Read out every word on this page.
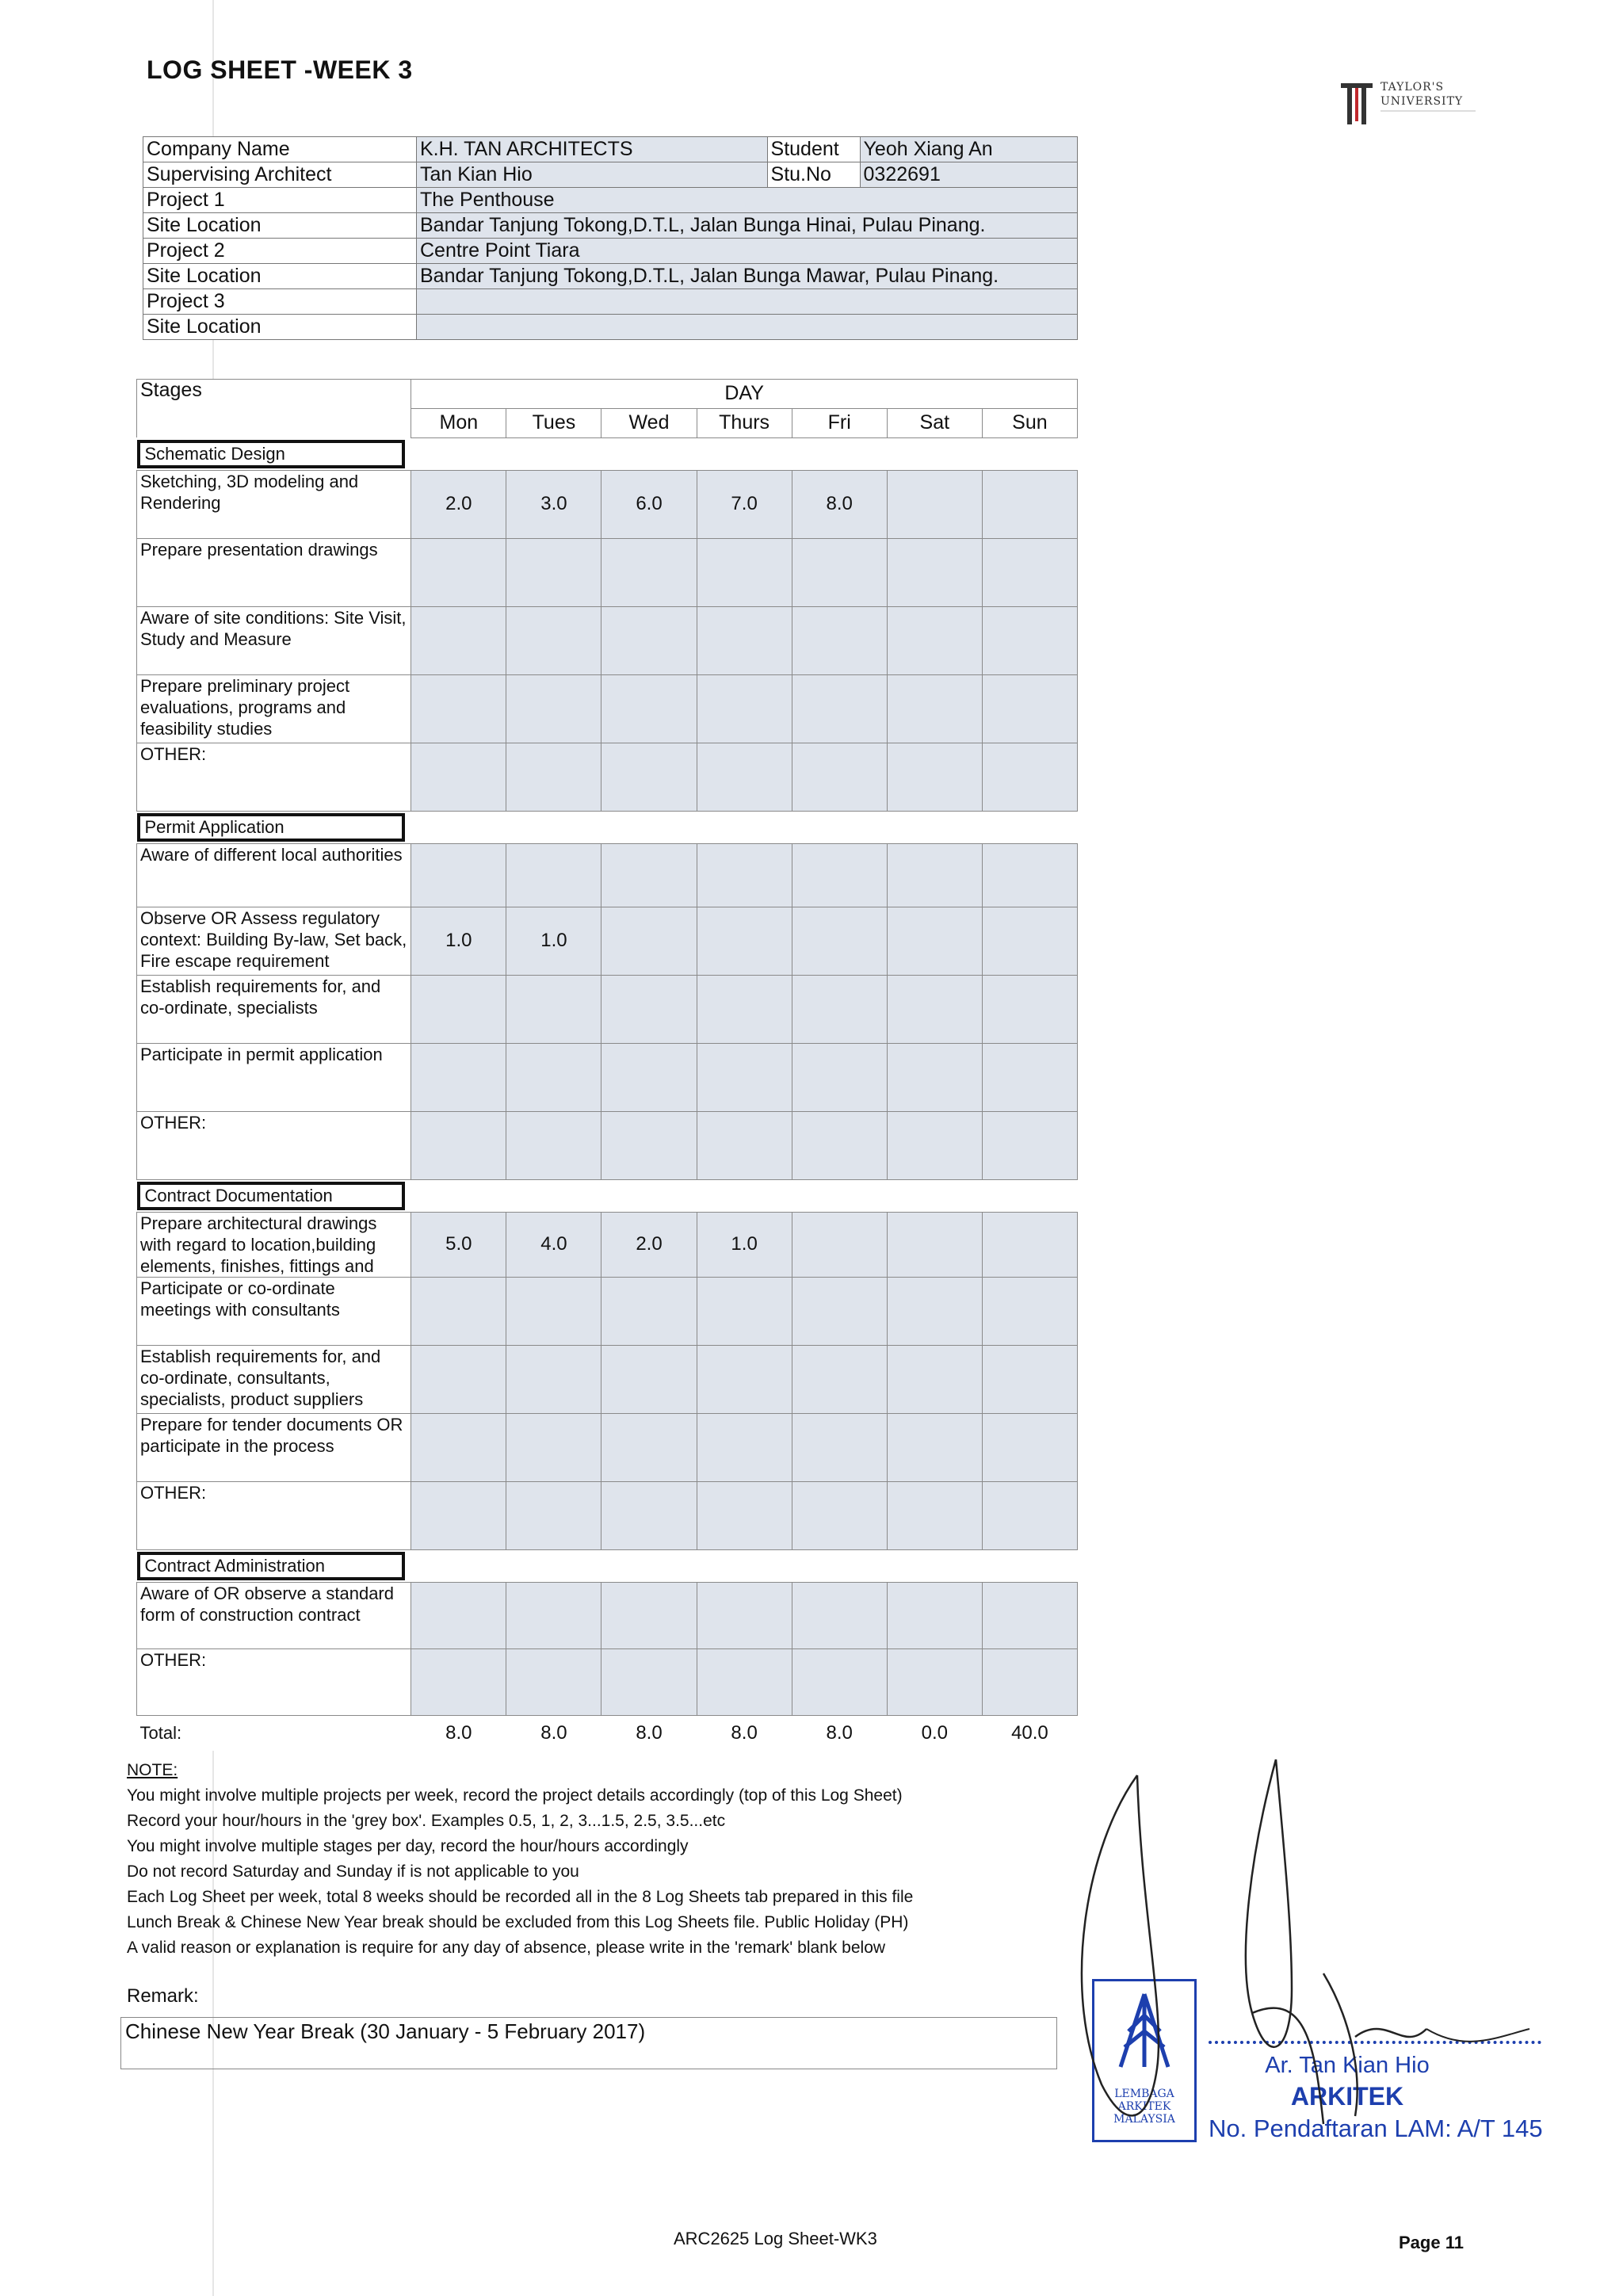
LOG SHEET -WEEK 3
TAYLOR'S
UNIVERSITY
Company Name	K.H. TAN ARCHITECTS	Student	Yeoh Xiang An
Supervising Architect	Tan Kian Hio	Stu.No	0322691
Project 1	The Penthouse		
Site Location	Bandar Tanjung Tokong,D.T.L, Jalan Bunga Hinai, Pulau Pinang.		
Project 2	Centre Point Tiara		
Site Location	Bandar Tanjung Tokong,D.T.L, Jalan Bunga Mawar, Pulau Pinang.		
Project 3			
Site Location			
Stages	DAY						
	Mon	Tues	Wed	Thurs	Fri	Sat	Sun
Schematic Design							
Sketching, 3D modeling and Rendering	2.0	3.0	6.0	7.0	8.0		
Prepare presentation drawings							
Aware of site conditions: Site Visit, Study and Measure							
Prepare preliminary project evaluations, programs and feasibility studies							
OTHER:							
Permit Application							
Aware of different local authorities							
Observe OR Assess regulatory context: Building By-law, Set back, Fire escape requirement	1.0	1.0					
Establish requirements for, and co-ordinate, specialists							
Participate in permit application							
OTHER:							
Contract Documentation							
Prepare architectural drawings with regard to location,building elements, finishes, fittings and	5.0	4.0	2.0	1.0			
Participate or co-ordinate meetings with consultants							
Establish requirements for, and co-ordinate, consultants, specialists, product suppliers							
Prepare for tender documents OR participate in the process							
OTHER:							
Contract Administration							
Aware of OR observe a standard form of construction contract							
OTHER:							
Total:	8.0	8.0	8.0	8.0	8.0	0.0	40.0
NOTE:
You might involve multiple projects per week, record the project details accordingly (top of this Log Sheet)
Record your hour/hours in the 'grey box'. Examples 0.5, 1, 2, 3...1.5, 2.5, 3.5...etc
You might involve multiple stages per day, record the hour/hours accordingly
Do not record Saturday and Sunday if is not applicable to you
Each Log Sheet per week, total 8 weeks should be recorded all in the 8 Log Sheets tab prepared in this file
Lunch Break & Chinese New Year break should be excluded from this Log Sheets file. Public Holiday (PH)
A valid reason or explanation is require for any day of absence, please write in the 'remark' blank below
Remark:
Chinese New Year Break (30 January - 5 February 2017)
LEMBAGA
ARKITEK
MALAYSIA
Ar. Tan Kian Hio
ARKITEK
No. Pendaftaran LAM: A/T 145
ARC2625 Log Sheet-WK3	Page 11
